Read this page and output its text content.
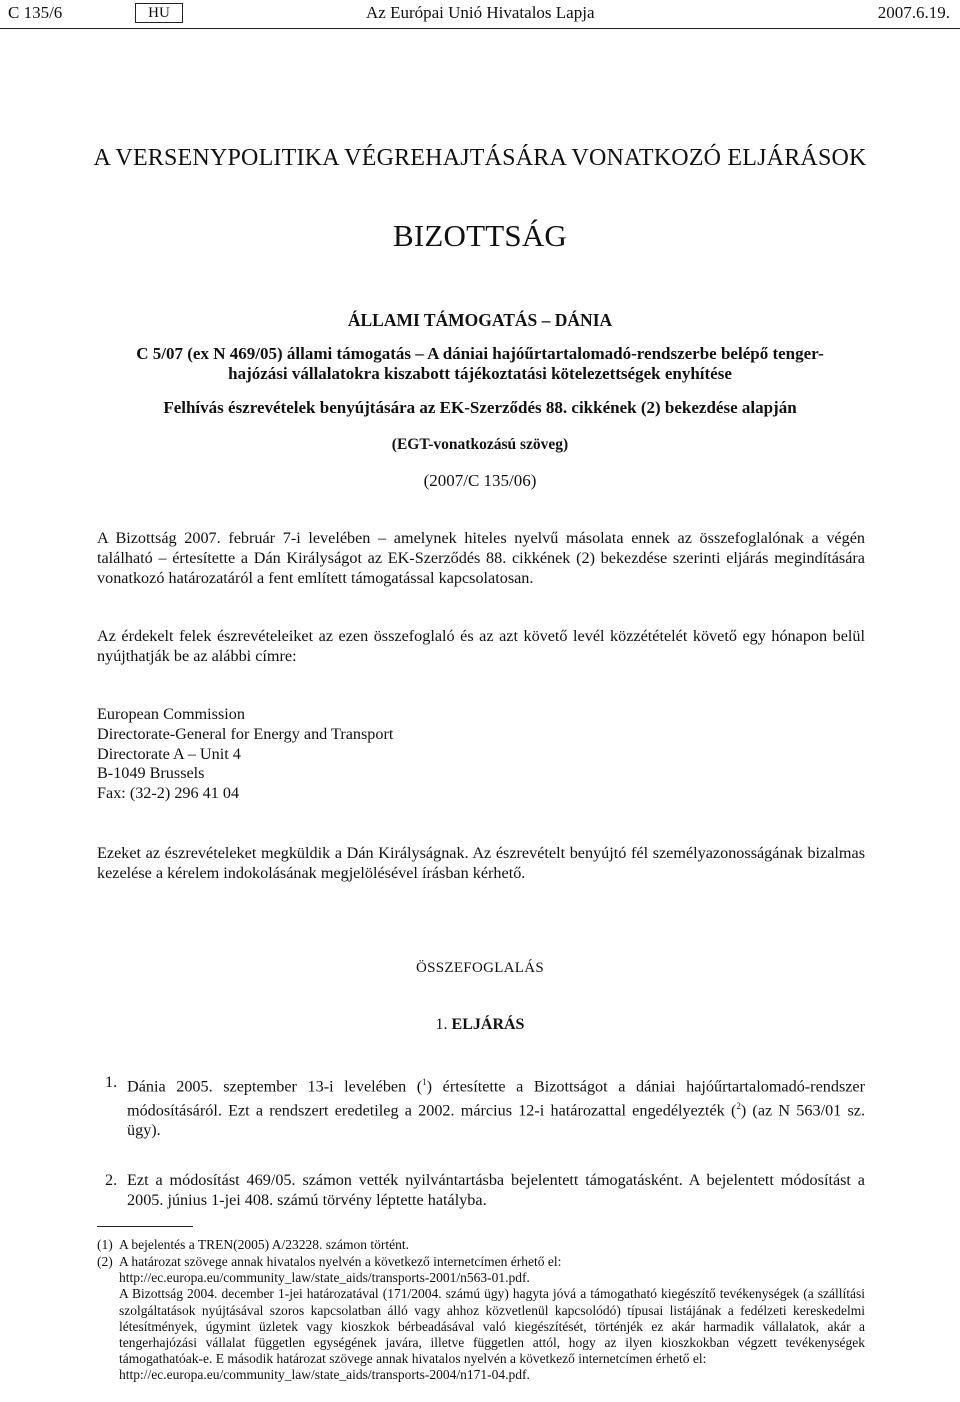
C 135/6	HU	Az Európai Unió Hivatalos Lapja	2007.6.19.
A VERSENYPOLITIKA VÉGREHAJTÁSÁRA VONATKOZÓ ELJÁRÁSOK
BIZOTTSÁG
ÁLLAMI TÁMOGATÁS – DÁNIA
C 5/07 (ex N 469/05) állami támogatás – A dániai hajóűrtartalomadó-rendszerbe belépő tenger-
hajózási vállalatokra kiszabott tájékoztatási kötelezettségek enyhítése
Felhívás észrevételek benyújtására az EK-Szerződés 88. cikkének (2) bekezdése alapján
(EGT-vonatkozású szöveg)
(2007/C 135/06)
A Bizottság 2007. február 7-i levelében – amelynek hiteles nyelvű másolata ennek az összefoglalónak a végén található – értesítette a Dán Királyságot az EK-Szerződés 88. cikkének (2) bekezdése szerinti eljárás megindítására vonatkozó határozatáról a fent említett támogatással kapcsolatosan.
Az érdekelt felek észrevételeiket az ezen összefoglaló és az azt követő levél közzétételét követő egy hónapon belül nyújthatják be az alábbi címre:
European Commission
Directorate-General for Energy and Transport
Directorate A – Unit 4
B-1049 Brussels
Fax: (32-2) 296 41 04
Ezeket az észrevételeket megküldik a Dán Királyságnak. Az észrevételt benyújtó fél személyazonosságának bizalmas kezelése a kérelem indokolásának megjelölésével írásban kérhető.
ÖSSZEFOGLALÁS
1. ELJÁRÁS
1. Dánia 2005. szeptember 13-i levelében ($^1$) értesítette a Bizottságot a dániai hajóűrtartalomadó-rendszer módosításáról. Ezt a rendszert eredetileg a 2002. március 12-i határozattal engedélyezték ($^2$) (az N 563/01 sz. ügy).
2. Ezt a módosítást 469/05. számon vették nyilvántartásba bejelentett támogatásként. A bejelentett módosítást a 2005. június 1-jei 408. számú törvény léptette hatályba.
(1) A bejelentés a TREN(2005) A/23228. számon történt.
(2) A határozat szövege annak hivatalos nyelvén a következő internetcímen érhető el:
http://ec.europa.eu/community_law/state_aids/transports-2001/n563-01.pdf.
A Bizottság 2004. december 1-jei határozatával (171/2004. számú ügy) hagyta jóvá a támogatható kiegészítő tevékenységek (a szállítási szolgáltatások nyújtásával szoros kapcsolatban álló vagy ahhoz közvetlenül kapcsolódó) típusai listájának a fedélzeti kereskedelmi létesítmények, úgymint üzletek vagy kioszkok bérbeadásával való kiegészítését, történjék ez akár harmadik vállalatok, akár a tengerhajózási vállalat független egységének javára, illetve független attól, hogy az ilyen kioszkokban végzett tevékenységek támogathatóak-e. E második határozat szövege annak hivatalos nyelvén a következő internetcímen érhető el:
http://ec.europa.eu/community_law/state_aids/transports-2004/n171-04.pdf.
